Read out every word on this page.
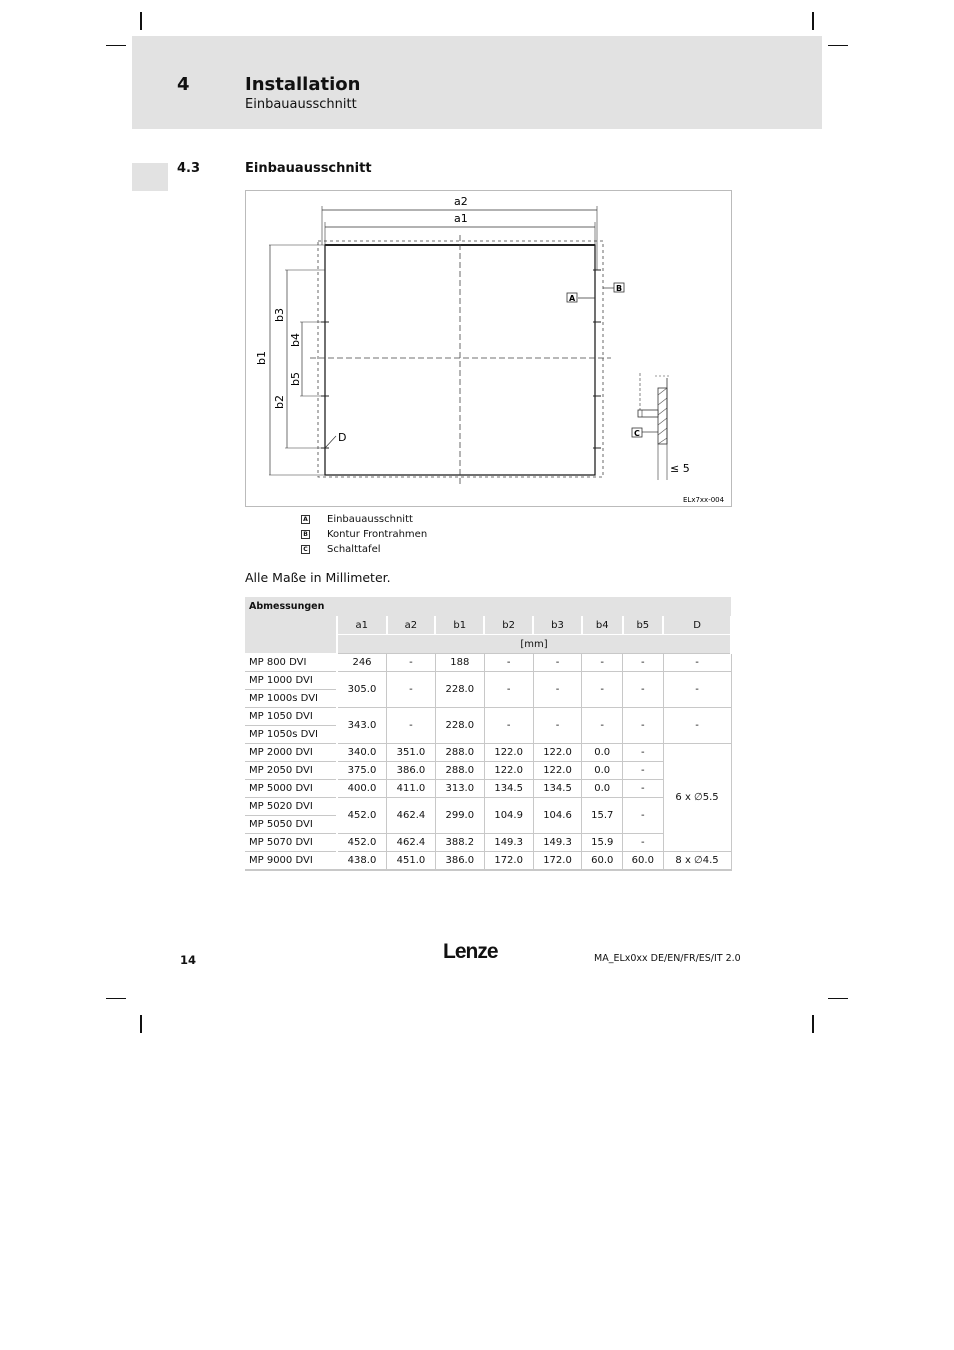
4	Installation
Einbauausschnitt
4.3	Einbauausschnitt
a2
a1
b1
b3
b2
b4
b5
A
B
D	C
≤ 5
ELx7xx-004
A Einbauausschnitt
B Kontur Frontrahmen
C Schalttafel
Alle Maße in Millimeter.
Abmessungen								
	a1	a2	b1	b2	b3	b4	b5	D
	[mm]							
MP 800 DVI	246	-	188	-	-	-	-	-
MP 1000 DVI	305.0	-	228.0	-	-	-	-	-
MP 1000s DVI								
MP 1050 DVI	343.0	-	228.0	-	-	-	-	-
MP 1050s DVI								
MP 2000 DVI	340.0	351.0	288.0	122.0	122.0	0.0	-	6 x ∅5.5
MP 2050 DVI	375.0	386.0	288.0	122.0	122.0	0.0	-	
MP 5000 DVI	400.0	411.0	313.0	134.5	134.5	0.0	-	
MP 5020 DVI	452.0	462.4	299.0	104.9	104.6	15.7	-	
MP 5050 DVI								
MP 5070 DVI	452.0	462.4	388.2	149.3	149.3	15.9	-	
MP 9000 DVI	438.0	451.0	386.0	172.0	172.0	60.0	60.0	8 x ∅4.5
14	Lenze	MA_ELx0xx DE/EN/FR/ES/IT 2.0
